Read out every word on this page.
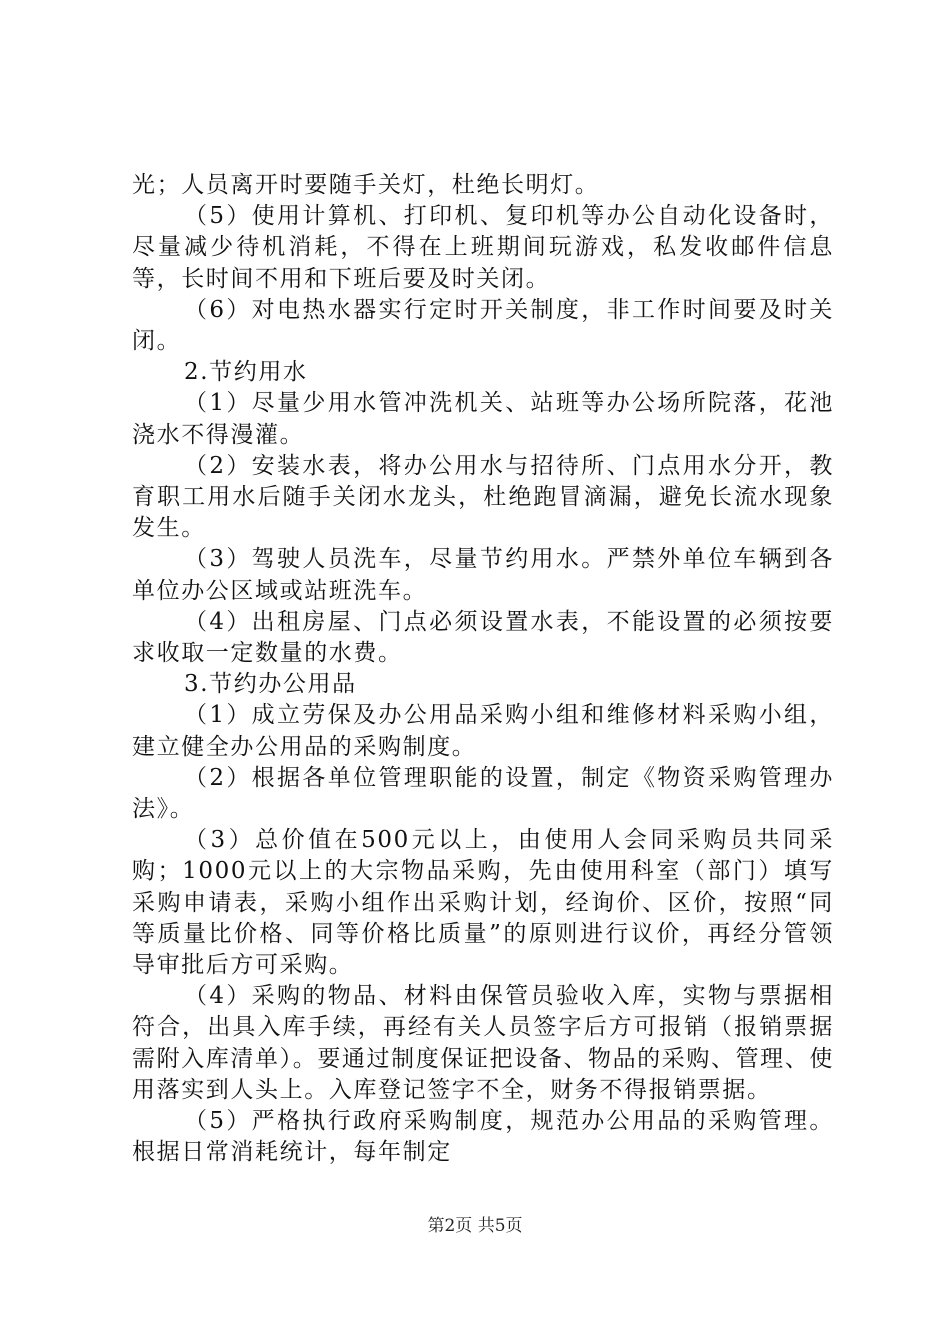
光；人员离开时要随手关灯，杜绝长明灯。

（5）使用计算机、打印机、复印机等办公自动化设备时，尽量减少待机消耗，不得在上班期间玩游戏，私发收邮件信息等，长时间不用和下班后要及时关闭。

（6）对电热水器实行定时开关制度，非工作时间要及时关闭。

2.节约用水

（1）尽量少用水管冲洗机关、站班等办公场所院落，花池浇水不得漫灌。

（2）安装水表，将办公用水与招待所、门点用水分开，教育职工用水后随手关闭水龙头，杜绝跑冒滴漏，避免长流水现象发生。

（3）驾驶人员洗车，尽量节约用水。严禁外单位车辆到各单位办公区域或站班洗车。

（4）出租房屋、门点必须设置水表，不能设置的必须按要求收取一定数量的水费。

3.节约办公用品

（1）成立劳保及办公用品采购小组和维修材料采购小组，建立健全办公用品的采购制度。

（2）根据各单位管理职能的设置，制定《物资采购管理办法》。

（3）总价值在500元以上，由使用人会同采购员共同采购；1000元以上的大宗物品采购，先由使用科室（部门）填写采购申请表，采购小组作出采购计划，经询价、区价，按照“同等质量比价格、同等价格比质量”的原则进行议价，再经分管领导审批后方可采购。

（4）采购的物品、材料由保管员验收入库，实物与票据相符合，出具入库手续，再经有关人员签字后方可报销（报销票据需附入库清单）。要通过制度保证把设备、物品的采购、管理、使用落实到人头上。入库登记签字不全，财务不得报销票据。

（5）严格执行政府采购制度，规范办公用品的采购管理。根据日常消耗统计，每年制定

第2页 共5页
